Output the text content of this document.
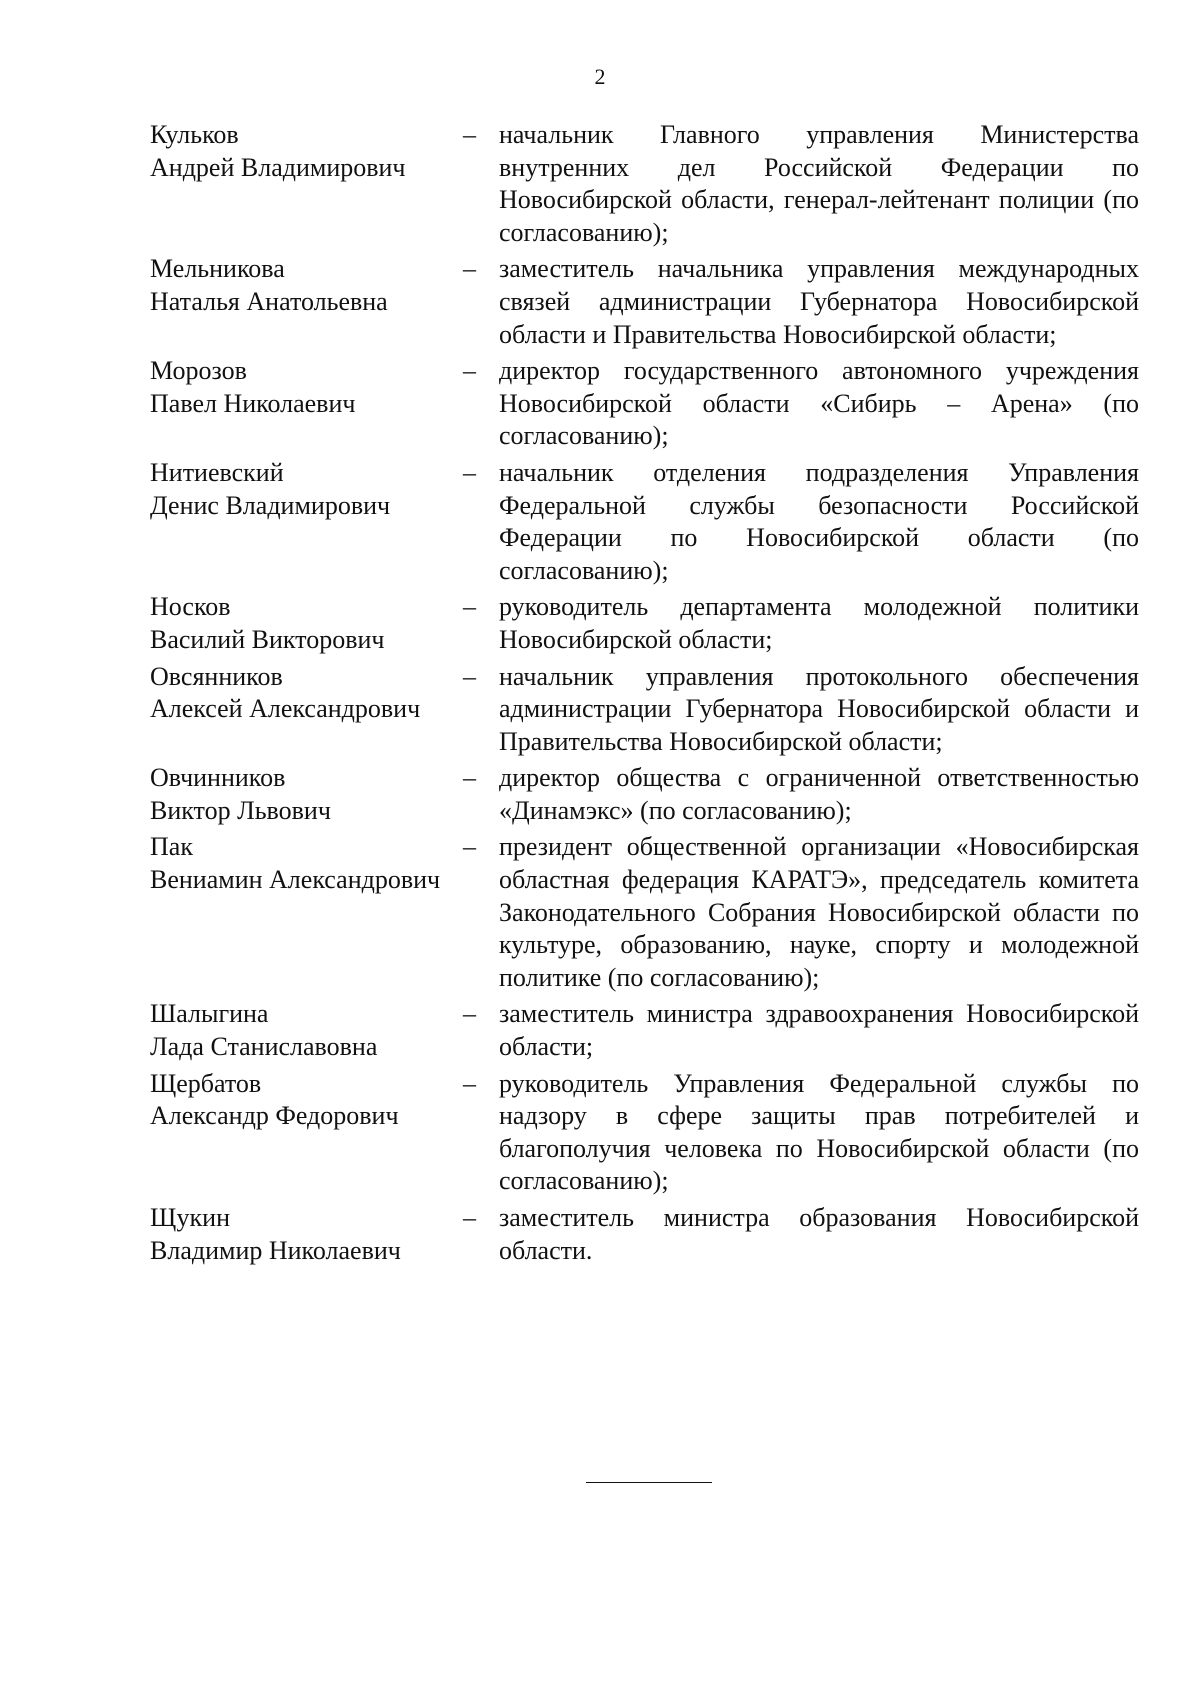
2
Кульков
Андрей Владимирович
– начальник Главного управления Министерства внутренних дел Российской Федерации по Новосибирской области, генерал-лейтенант полиции (по согласованию);
Мельникова
Наталья Анатольевна
– заместитель начальника управления международных связей администрации Губернатора Новосибирской области и Правительства Новосибирской области;
Морозов
Павел Николаевич
– директор государственного автономного учреждения Новосибирской области «Сибирь – Арена» (по согласованию);
Нитиевский
Денис Владимирович
– начальник отделения подразделения Управления Федеральной службы безопасности Российской Федерации по Новосибирской области (по согласованию);
Носков
Василий Викторович
– руководитель департамента молодежной политики Новосибирской области;
Овсянников
Алексей Александрович
– начальник управления протокольного обеспечения администрации Губернатора Новосибирской области и Правительства Новосибирской области;
Овчинников
Виктор Львович
– директор общества с ограниченной ответственностью «Динамэкс» (по согласованию);
Пак
Вениамин Александрович
– президент общественной организации «Новосибирская областная федерация КАРАТЭ», председатель комитета Законодательного Собрания Новосибирской области по культуре, образованию, науке, спорту и молодежной политике (по согласованию);
Шалыгина
Лада Станиславовна
– заместитель министра здравоохранения Новосибирской области;
Щербатов
Александр Федорович
– руководитель Управления Федеральной службы по надзору в сфере защиты прав потребителей и благополучия человека по Новосибирской области (по согласованию);
Щукин
Владимир Николаевич
– заместитель министра образования Новосибирской области.
